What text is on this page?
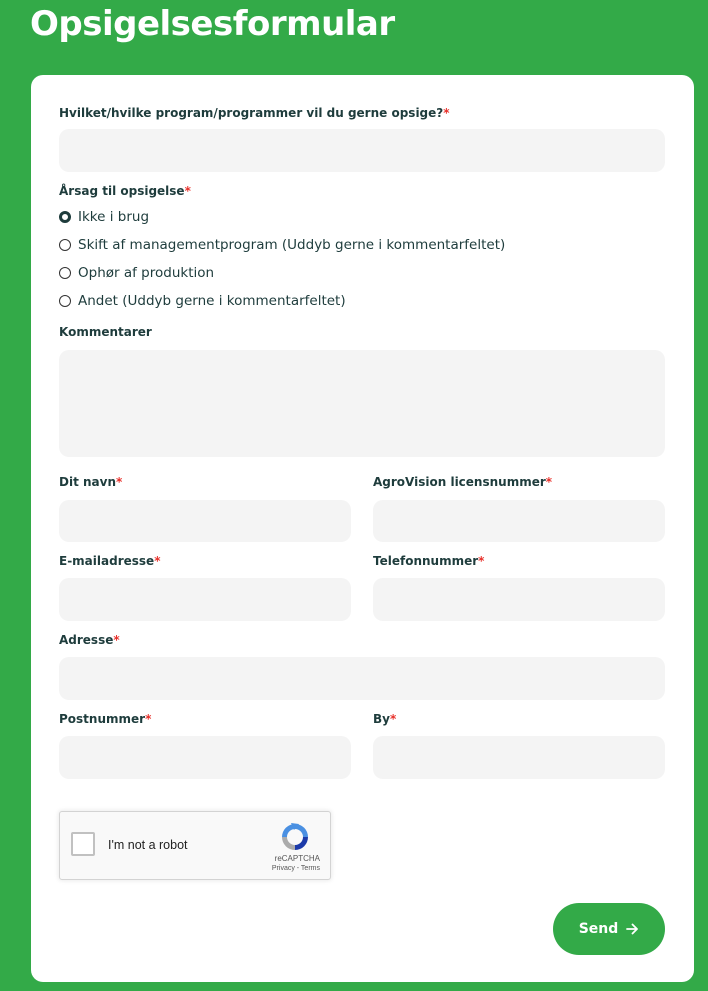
Opsigelsesformular
Hvilket/hvilke program/programmer vil du gerne opsige?*
Årsag til opsigelse*
Ikke i brug
Skift af managementprogram (Uddyb gerne i kommentarfeltet)
Ophør af produktion
Andet (Uddyb gerne i kommentarfeltet)
Kommentarer
Dit navn*	AgroVision licensnummer*
E-mailadresse*	Telefonnummer*
Adresse*
Postnummer*	By*
I'm not a robot
reCAPTCHA
Privacy - Terms
Send
